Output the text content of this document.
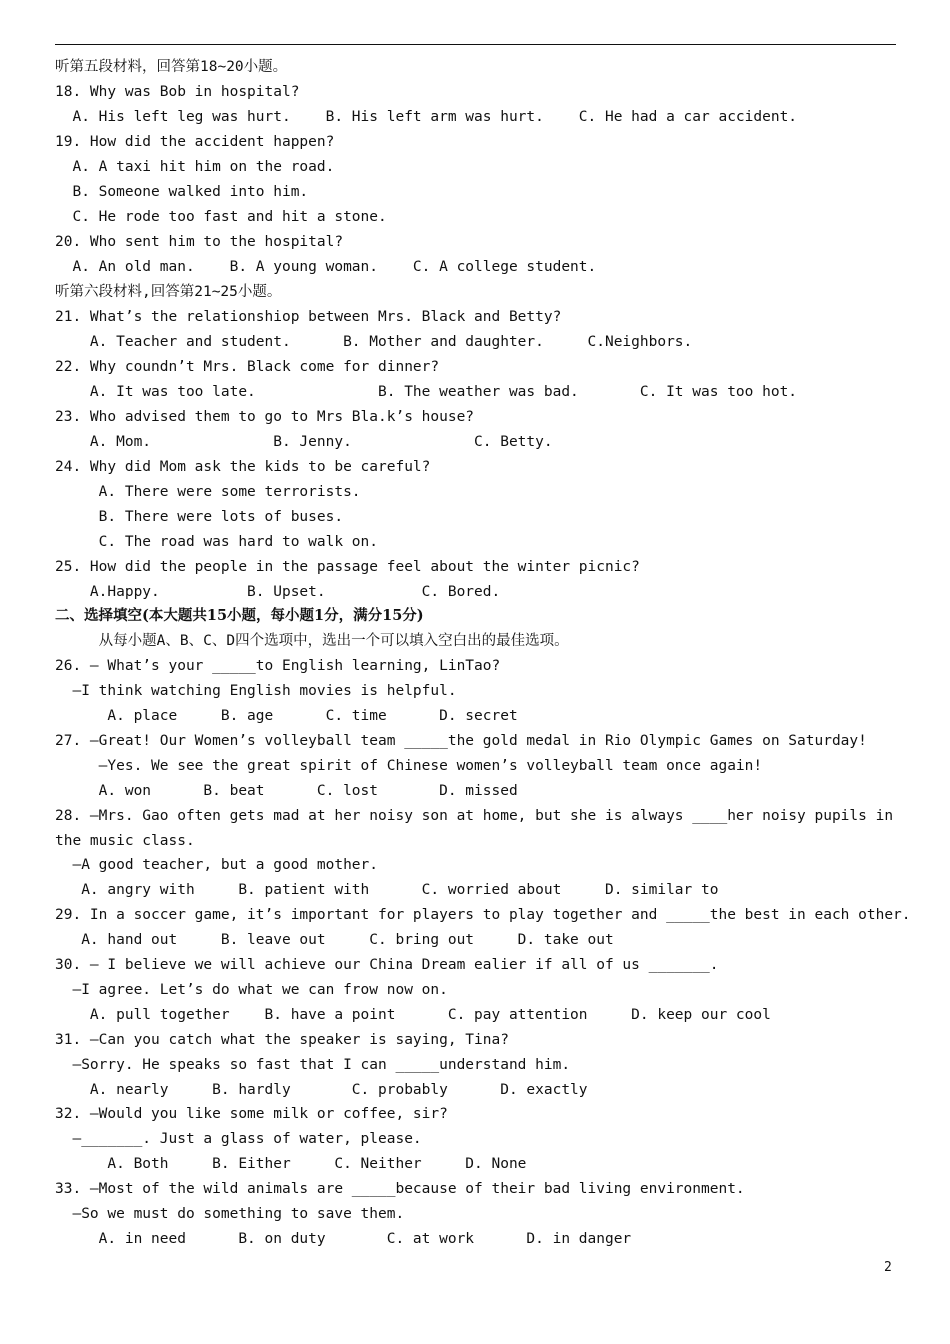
听第五段材料，回答第18~20小题。
18. Why was Bob in hospital?
A. His left leg was hurt.    B. His left arm was hurt.    C. He had a car accident.
19. How did the accident happen?
A. A taxi hit him on the road.
B. Someone walked into him.
C. He rode too fast and hit a stone.
20. Who sent him to the hospital?
A. An old man.    B. A young woman.    C. A college student.
听第六段材料,回答第21~25小题。
21. What’s the relationshiop between Mrs. Black and Betty?
A. Teacher and student.      B. Mother and daughter.     C.Neighbors.
22. Why coundn’t Mrs. Black come for dinner?
A. It was too late.              B. The weather was bad.       C. It was too hot.
23. Who advised them to go to Mrs Bla.k’s house?
A. Mom.              B. Jenny.              C. Betty.
24. Why did Mom ask the kids to be careful?
A. There were some terrorists.
B. There were lots of buses.
C. The road was hard to walk on.
25. How did the people in the passage feel about the winter picnic?
A.Happy.          B. Upset.           C. Bored.
二、选择填空(本大题共15小题，每小题1分，满分15分)
从每小题A、B、C、D四个选项中，选出一个可以填入空白出的最佳选项。
26. — What’s your _____to English learning, LinTao?
—I think watching English movies is helpful.
A. place     B. age      C. time      D. secret
27. —Great! Our Women’s volleyball team _____the gold medal in Rio Olympic Games on Saturday!
—Yes. We see the great spirit of Chinese women’s volleyball team once again!
A. won      B. beat      C. lost       D. missed
28. —Mrs. Gao often gets mad at her noisy son at home, but she is always ____her noisy pupils in
the music class.
—A good teacher, but a good mother.
A. angry with     B. patient with      C. worried about     D. similar to
29. In a soccer game, it’s important for players to play together and _____the best in each other.
A. hand out     B. leave out     C. bring out     D. take out
30. — I believe we will achieve our China Dream ealier if all of us _______.
—I agree. Let’s do what we can frow now on.
A. pull together    B. have a point      C. pay attention     D. keep our cool
31. —Can you catch what the speaker is saying, Tina?
—Sorry. He speaks so fast that I can _____understand him.
A. nearly     B. hardly       C. probably      D. exactly
32. —Would you like some milk or coffee, sir?
—_______. Just a glass of water, please.
A. Both     B. Either     C. Neither     D. None
33. —Most of the wild animals are _____because of their bad living environment.
—So we must do something to save them.
A. in need      B. on duty       C. at work      D. in danger
2
